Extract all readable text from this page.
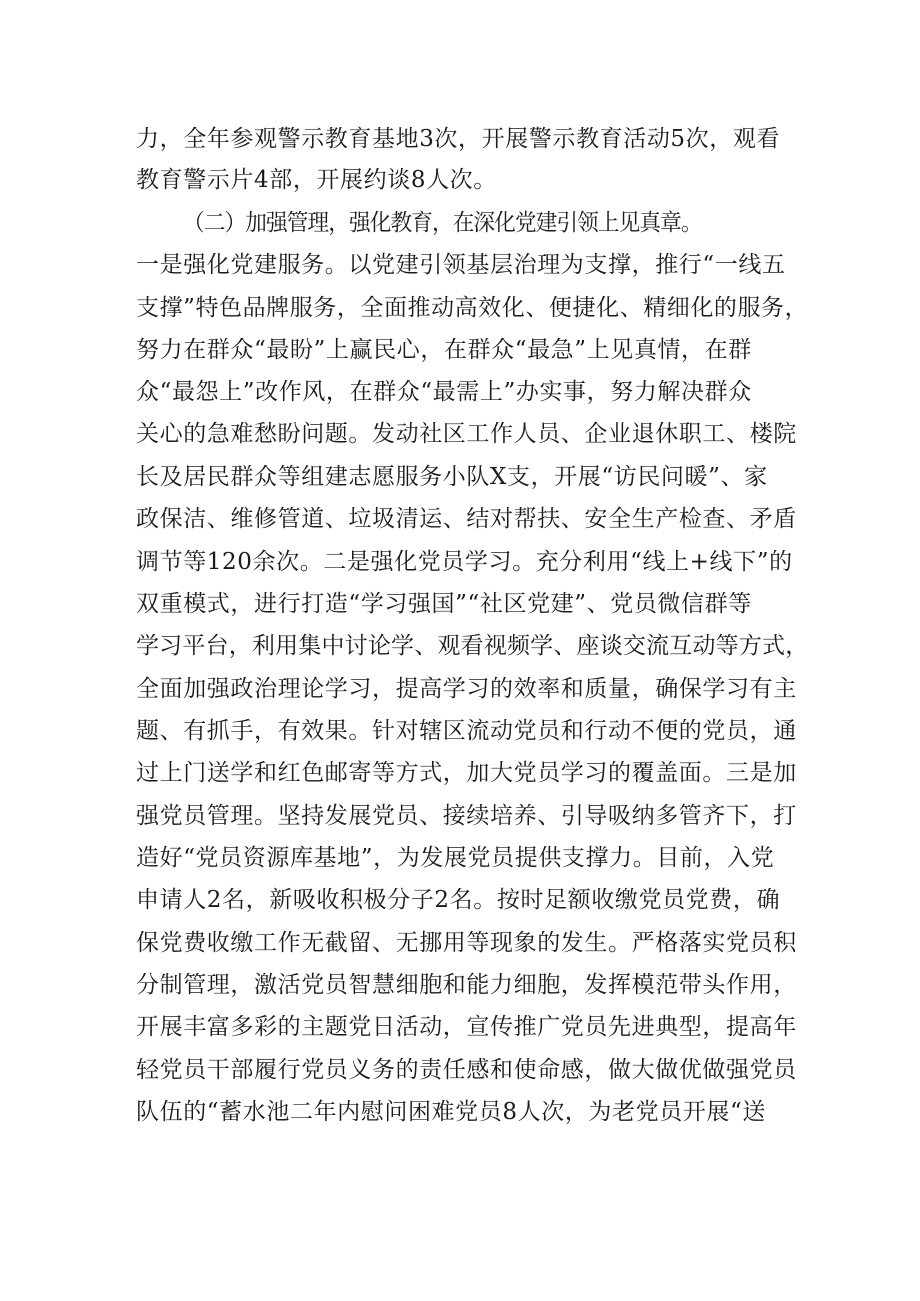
力，全年参观警示教育基地3次，开展警示教育活动5次，观看
教育警示片4部，开展约谈8人次。
（二）加强管理，强化教育，在深化党建引领上见真章。
一是强化党建服务。以党建引领基层治理为支撑，推行“一线五
支撑”特色品牌服务，全面推动高效化、便捷化、精细化的服务，
努力在群众“最盼”上赢民心，在群众“最急”上见真情，在群
众“最怨上”改作风，在群众“最需上”办实事，努力解决群众
关心的急难愁盼问题。发动社区工作人员、企业退休职工、楼院
长及居民群众等组建志愿服务小队X支，开展“访民问暖”、家
政保洁、维修管道、垃圾清运、结对帮扶、安全生产检查、矛盾
调节等120余次。二是强化党员学习。充分利用“线上+线下”的
双重模式，进行打造“学习强国”“社区党建”、党员微信群等
学习平台，利用集中讨论学、观看视频学、座谈交流互动等方式，
全面加强政治理论学习，提高学习的效率和质量，确保学习有主
题、有抓手，有效果。针对辖区流动党员和行动不便的党员，通
过上门送学和红色邮寄等方式，加大党员学习的覆盖面。三是加
强党员管理。坚持发展党员、接续培养、引导吸纳多管齐下，打
造好“党员资源库基地”，为发展党员提供支撑力。目前，入党
申请人2名，新吸收积极分子2名。按时足额收缴党员党费，确
保党费收缴工作无截留、无挪用等现象的发生。严格落实党员积
分制管理，激活党员智慧细胞和能力细胞，发挥模范带头作用，
开展丰富多彩的主题党日活动，宣传推广党员先进典型，提高年
轻党员干部履行党员义务的责任感和使命感，做大做优做强党员
队伍的“蓄水池二年内慰问困难党员8人次，为老党员开展“送
